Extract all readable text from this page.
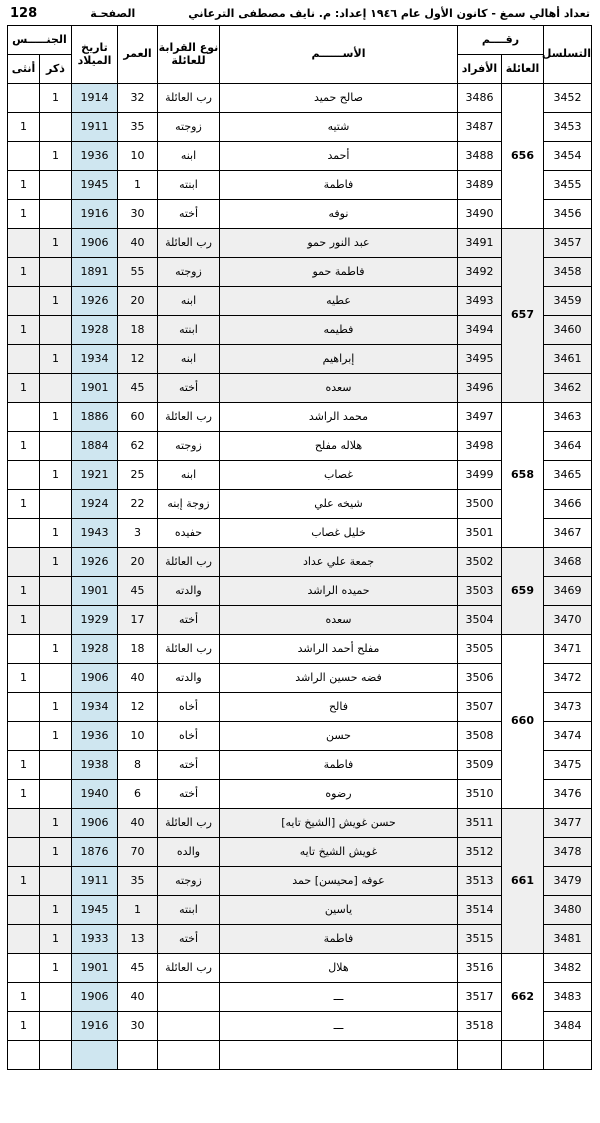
تعداد أهالي سمغ - كانون الأول عام ١٩٤٦ إعداد: م. نايف مصطفى الترعاني
الصفحـة
128
التسلسل	رقــــم		الأســــــم	نوع القرابة للعائلة	العمر	تاريخ الميلاد	الجنـــــس	
	العائلة	الأفراد					ذكر	أنثى
3452	656	3486	صالح حميد	رب العائلة	32	1914	1	
3453		3487	شتيه	زوجته	35	1911		1
3454		3488	أحمد	ابنه	10	1936	1	
3455		3489	فاطمة	ابنته	1	1945		1
3456		3490	نوفه	أخته	30	1916		1
3457	657	3491	عبد النور حمو	رب العائلة	40	1906	1	
3458		3492	فاطمة حمو	زوجته	55	1891		1
3459		3493	عطيه	ابنه	20	1926	1	
3460		3494	فطيمه	ابنته	18	1928		1
3461		3495	إبراهيم	ابنه	12	1934	1	
3462		3496	سعده	أخته	45	1901		1
3463	658	3497	محمد الراشد	رب العائلة	60	1886	1	
3464		3498	هلاله مفلح	زوجته	62	1884		1
3465		3499	غصاب	ابنه	25	1921	1	
3466		3500	شيخه علي	زوجة إبنه	22	1924		1
3467		3501	خليل غصاب	حفيده	3	1943	1	
3468	659	3502	جمعة علي عداد	رب العائلة	20	1926	1	
3469		3503	حميده الراشد	والدته	45	1901		1
3470		3504	سعده	أخته	17	1929		1
3471	660	3505	مفلح أحمد الراشد	رب العائلة	18	1928	1	
3472		3506	فضه حسين الراشد	والدته	40	1906		1
3473		3507	فالح	أخاه	12	1934	1	
3474		3508	حسن	أخاه	10	1936	1	
3475		3509	فاطمة	أخته	8	1938		1
3476		3510	رضوه	أخته	6	1940		1
3477	661	3511	حسن غويش [الشيخ تايه]	رب العائلة	40	1906	1	
3478		3512	غويش الشيخ تايه	والده	70	1876	1	
3479		3513	عوفه [محيسن] حمد	زوجته	35	1911		1
3480		3514	ياسين	ابنته	1	1945	1	
3481		3515	فاطمة	أخته	13	1933	1	
3482	662	3516	هلال	رب العائلة	45	1901	1	
3483		3517	ـــ		40	1906		1
3484		3518	ـــ		30	1916		1
